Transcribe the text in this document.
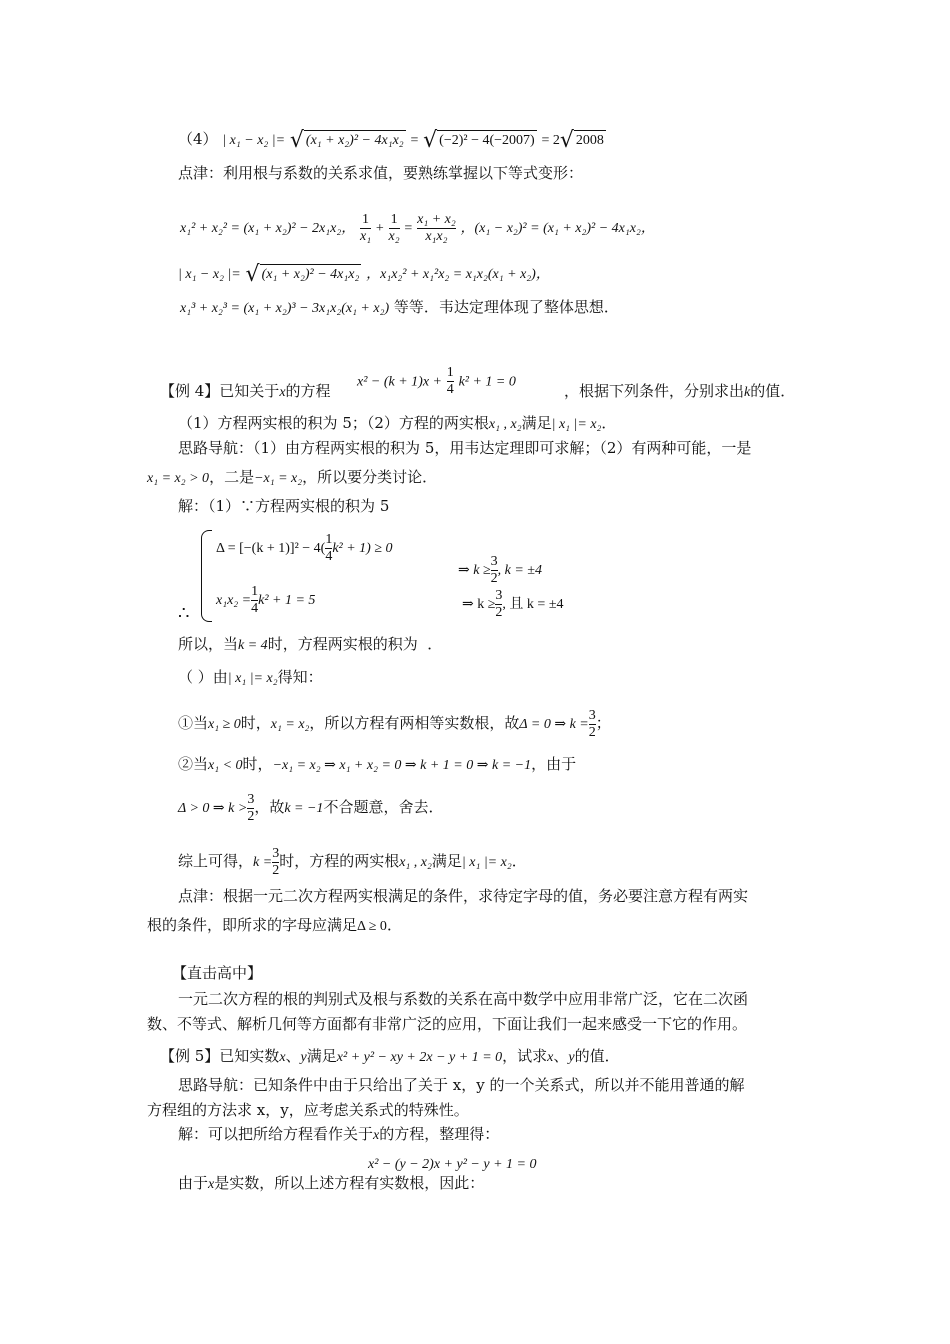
（4） | x₁ − x₂ |= √ (x₁ + x₂)² − 4x₁x₂ = √ (−2)² − 4(−2007) = 2√ 2008
点津：利用根与系数的关系求值，要熟练掌握以下等式变形：
x₁² + x₂² = (x₁ + x₂)² − 2x₁x₂， $\frac{1}{\text{x₁}} + \frac{1}{\text{x₂}} = \frac{\text{x₁ + x₂}}{\text{x₁x₂}}$ ，(x₁ − x₂)² = (x₁ + x₂)² − 4x₁x₂，
| x₁ − x₂ |= √ (x₁ + x₂)² − 4x₁x₂ ，x₁x₂² + x₁²x₂ = x₁x₂(x₁ + x₂)，
x₁³ + x₂³ = (x₁ + x₂)³ − 3x₁x₂(x₁ + x₂) 等等．韦达定理体现了整体思想．
$x^2 - (k + 1)x + \frac{1}{4} k^2 + 1 = 0$
【例 4】已知关于x的方程	，根据下列条件，分别求出k的值．
（1）方程两实根的积为 5；（2）方程的两实根x₁ , x₂满足| x₁ |= x₂．
思路导航：（1）由方程两实根的积为 5，用韦达定理即可求解；（2）有两种可能，一是
x₁ = x₂ > 0，二是−x₁ = x₂，所以要分类讨论．
解：（1）∵方程两实根的积为 5
$\Delta = [-(k + 1)]^2 - 4( \frac{1}{4} k^2 + 1) \ge 0$
$x_1x_2 = \frac{1}{4} k^2 + 1 = 5$
⇒ $k \ge \frac{3}{2}$ , k = ±4
⇒ $k \ge \frac{3}{2}$ , 且 k = ±4
∴
所以，当k = 4时，方程两实根的积为 ．
（ ）由| x₁ |= x₂得知：
①当x₁ ≥ 0时，x₁ = x₂，所以方程有两相等实数根，故Δ = 0 ⇒ $k = \frac{3}{2}$ ；
②当x₁ < 0时，−x₁ = x₂ ⇒ x₁ + x₂ = 0 ⇒ k + 1 = 0 ⇒ k = −1，由于
Δ > 0 ⇒ $k > \frac{3}{2}$ ，故k = −1不合题意，舍去．
综上可得，$k = \frac{3}{2}$ 时，方程的两实根x₁ , x₂满足| x₁ |= x₂．
点津：根据一元二次方程两实根满足的条件，求待定字母的值，务必要注意方程有两实
根的条件，即所求的字母应满足Δ ≥ 0．
【直击高中】
一元二次方程的根的判别式及根与系数的关系在高中数学中应用非常广泛，它在二次函
数、不等式、解析几何等方面都有非常广泛的应用，下面让我们一起来感受一下它的作用。
【例 5】已知实数x、y满足x² + y² − xy + 2x − y + 1 = 0，试求x、y的值．
思路导航：已知条件中由于只给出了关于 x，y 的一个关系式，所以并不能用普通的解
方程组的方法求 x，y，应考虑关系式的特殊性。
解：可以把所给方程看作关于x的方程，整理得：
x² − (y − 2)x + y² − y + 1 = 0
由于x是实数，所以上述方程有实数根，因此：
